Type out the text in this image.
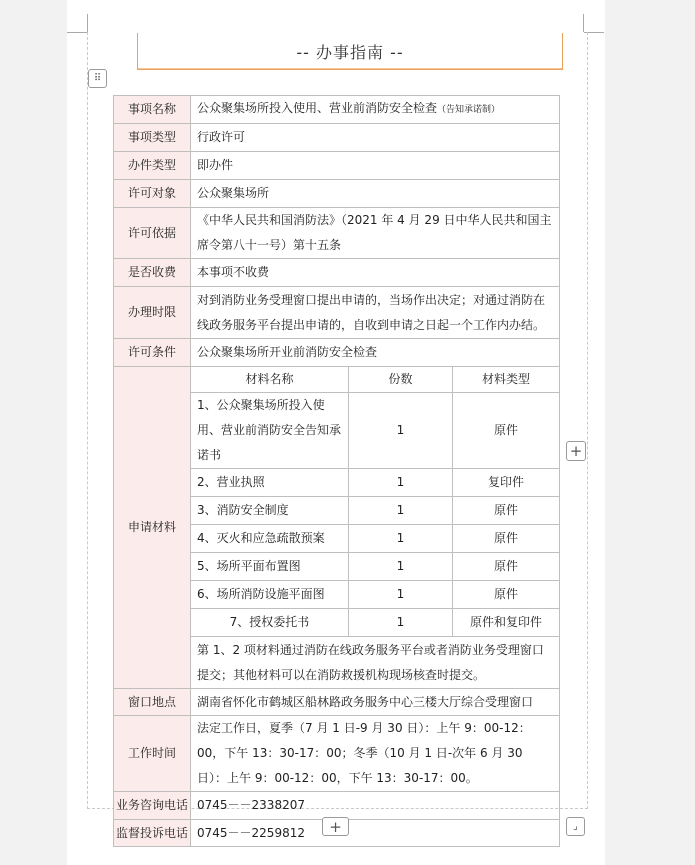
-- 办事指南 --
⠿
事项名称	公众聚集场所投入使用、营业前消防安全检查（告知承诺制）		
事项类型	行政许可		
办件类型	即办件		
许可对象	公众聚集场所		
许可依据	《中华人民共和国消防法》（2021 年 4 月 29 日中华人民共和国主席令第八十一号）第十五条		
是否收费	本事项不收费		
办理时限	对到消防业务受理窗口提出申请的，当场作出决定；对通过消防在线政务服务平台提出申请的，自收到申请之日起一个工作内办结。		
许可条件	公众聚集场所开业前消防安全检查		
申请材料	材料名称	份数	材料类型
	1、公众聚集场所投入使用、营业前消防安全告知承诺书	1	原件
	2、营业执照	1	复印件
	3、消防安全制度	1	原件
	4、灭火和应急疏散预案	1	原件
	5、场所平面布置图	1	原件
	6、场所消防设施平面图	1	原件
	7、授权委托书	1	原件和复印件
	第 1、2 项材料通过消防在线政务服务平台或者消防业务受理窗口提交；其他材料可以在消防救援机构现场核查时提交。		
窗口地点	湖南省怀化市鹤城区船林路政务服务中心三楼大厅综合受理窗口		
工作时间	法定工作日，夏季（7 月 1 日-9 月 30 日）：上午 9：00-12：00，下午 13：30-17：00；冬季（10 月 1 日-次年 6 月 30 日）：上午 9：00-12：00，下午 13：30-17：00。		
业务咨询电话	0745－－2338207		
监督投诉电话	0745－－2259812		
+
+	⌟
